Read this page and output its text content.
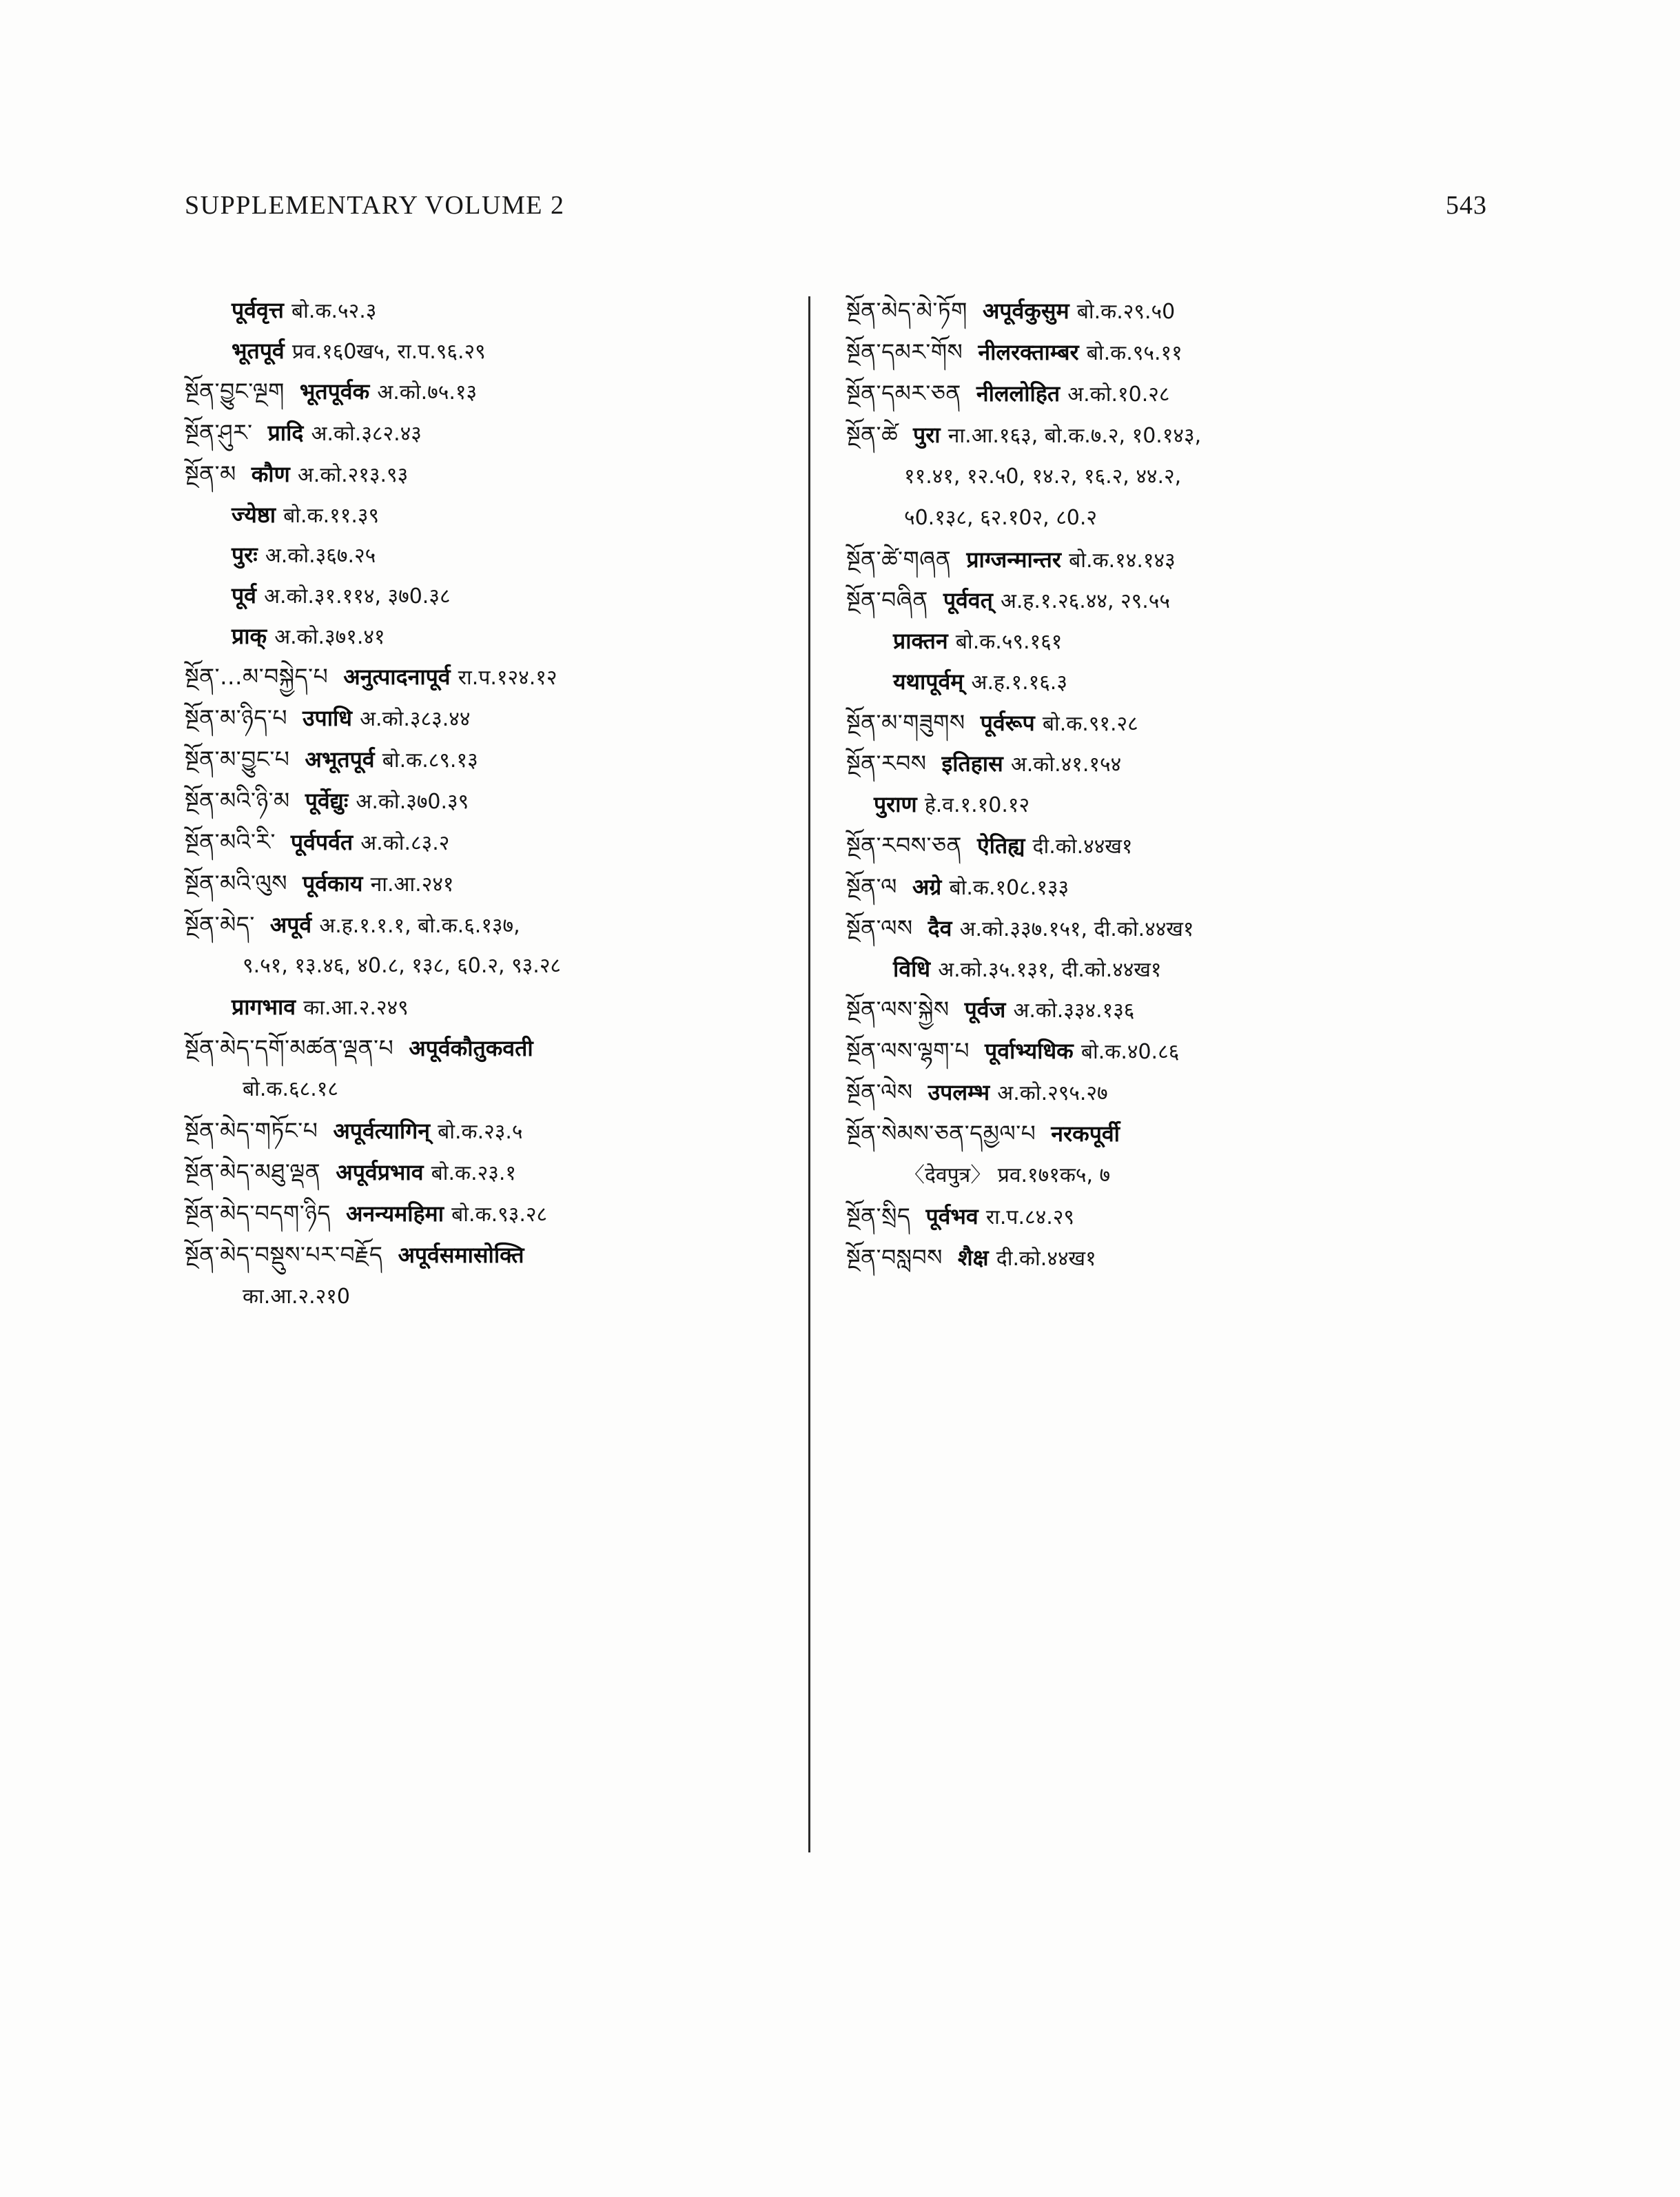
SUPPLEMENTARY VOLUME 2	543
पूर्ववृत्त बो.क.५२.३
भूतपूर्व प्रव.१६0ख५, रा.प.९६.२९
སྔོན་བྱུང་ལྔག  भूतपूर्वक अ.को.७५.१३
སྔོན་ཤུར་  प्रादि अ.को.३८२.४३
སྔོན་མ  कौण अ.को.२१३.९३
ज्येष्ठा बो.क.११.३९
पुरः अ.को.३६७.२५
पूर्व अ.को.३१.११४, ३७0.३८
प्राक् अ.को.३७१.४१
སྔོན་...མ་བསྐྱེད་པ  अनुत्पादनापूर्व रा.प.१२४.१२
སྔོན་མ་ཉིད་པ  उपाधि अ.को.३८३.४४
སྔོན་མ་བྱུང་པ  अभूतपूर्व बो.क.८९.१३
སྔོན་མའི་ཉི་མ  पूर्वेद्युः अ.को.३७0.३९
སྔོན་མའི་རི་  पूर्वपर्वत अ.को.८३.२
སྔོན་མའི་ལུས  पूर्वकाय ना.आ.२४१
སྔོན་མེད་  अपूर्व अ.ह.१.१.१, बो.क.६.१३७,
९.५१, १३.४६, ४0.८, १३८, ६0.२, ९३.२८
प्रागभाव का.आ.२.२४९
སྔོན་མེད་དགོ་མཚན་ལྡན་པ  अपूर्वकौतुकवती
बो.क.६८.१८
སྔོན་མེད་གཏོང་པ  अपूर्वत्यागिन् बो.क.२३.५
སྔོན་མེད་མཐུ་ལྡན  अपूर्वप्रभाव बो.क.२३.१
སྔོན་མེད་བདག་ཉིད  अनन्यमहिमा बो.क.९३.२८
སྔོན་མེད་བསྡུས་པར་བརྗོད  अपूर्वसमासोक्ति
का.आ.२.२१0
སྔོན་མེད་མེ་ཏོག  अपूर्वकुसुम बो.क.२९.५0
སྔོན་དམར་གོས  नीलरक्ताम्बर बो.क.९५.११
སྔོན་དམར་ཅན  नीललोहित अ.को.१0.२८
སྔོན་ཚེ  पुरा ना.आ.१६३, बो.क.७.२, १0.१४३,
११.४१, १२.५0, १४.२, १६.२, ४४.२,
५0.१३८, ६२.१0२, ८0.२
སྔོན་ཚེ་གཞན  प्राग्जन्मान्तर बो.क.१४.१४३
སྔོན་བཞིན  पूर्ववत् अ.ह.१.२६.४४, २९.५५
प्राक्तन बो.क.५९.१६१
यथापूर्वम् अ.ह.१.१६.३
སྔོན་མ་གཟུགས  पूर्वरूप बो.क.९१.२८
སྔོན་རབས  इतिहास अ.को.४१.१५४
पुराण हे.व.१.१0.१२
སྔོན་རབས་ཅན  ऐतिह्य दी.को.४४ख१
སྔོན་ལ  अग्रे बो.क.१0८.१३३
སྔོན་ལས  दैव अ.को.३३७.१५१, दी.को.४४ख१
विधि अ.को.३५.१३१, दी.को.४४ख१
སྔོན་ལས་སྐྱེས  पूर्वज अ.को.३३४.१३६
སྔོན་ལས་ལྷག་པ  पूर्वाभ्यधिक बो.क.४0.८६
སྔོན་ལེས  उपलम्भ अ.को.२९५.२७
སྔོན་སེམས་ཅན་དམྱལ་པ  नरकपूर्वी
〈देवपुत्र〉 प्रव.१७१क५, ७
སྔོན་སྲིད  पूर्वभव रा.प.८४.२९
སྔོན་བསླབས  शैक्ष दी.को.४४ख१
